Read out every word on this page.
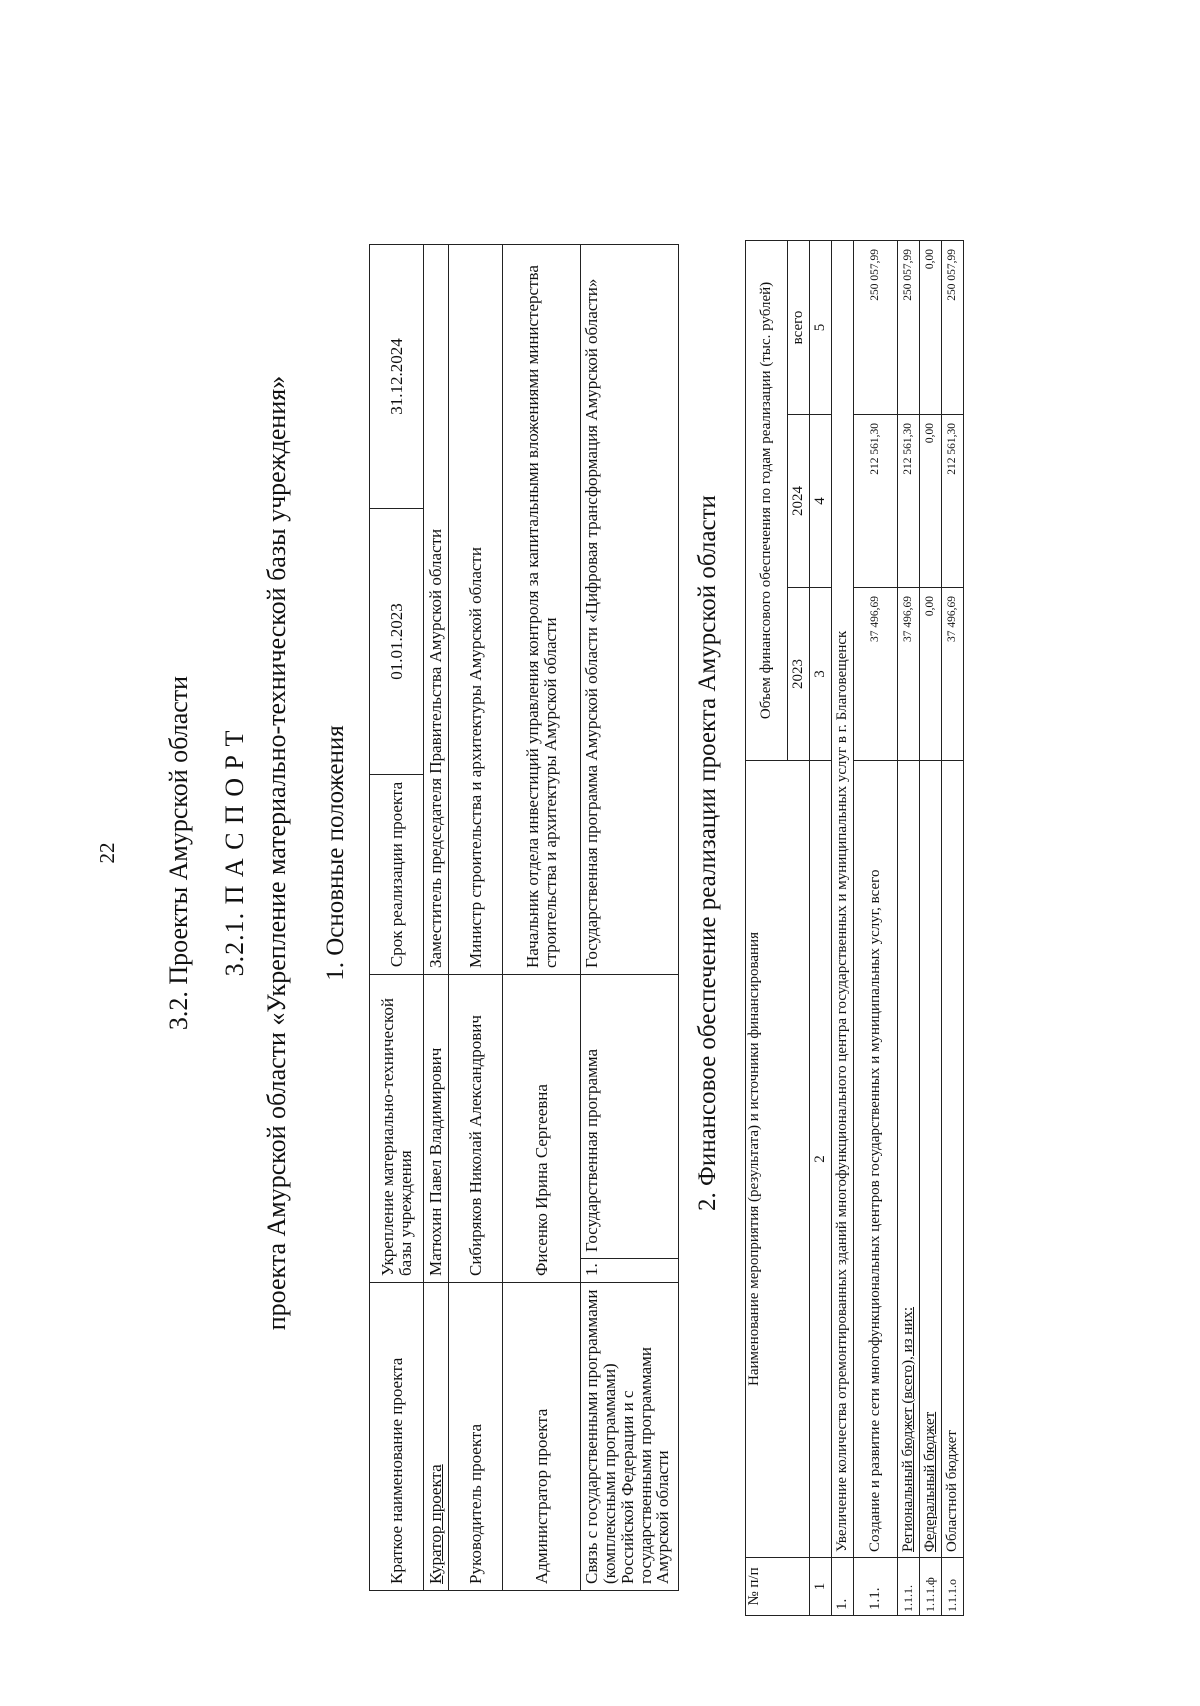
22 3.2. Проекты Амурской области 3.2.1. П А С П О Р Т проекта Амурской области «Укрепление материально-технической базы учреждения» 1. Основные положения
Краткое наименование проекта	Укрепление материально-технической базы учреждения		Срок реализации проекта	01.01.2023	31.12.2024
Куратор проекта	Матюхин Павел Владимирович		Заместитель председателя Правительства Амурской области		
Руководитель проекта	Сибиряков Николай Александрович		Министр строительства и архитектуры Амурской области		
Администратор проекта	Фисенко Ирина Сергеевна		Начальник отдела инвестиций управления контроля за капитальными вложениями министерства строительства и архитектуры Амурской области		
Связь с государственными программами (комплексными программами) Российской Федерации и с государственными программами Амурской области	1.	Государственная программа	Государственная программа Амурской области «Цифровая трансформация Амурской области»			2. Финансовое обеспечение реализации проекта Амурской области
№ п/п	Наименование мероприятия (результата) и источники финансирования	Объем финансового обеспечения по годам реализации (тыс. рублей)		
		2023	2024	всего
1	2	3	4	5
1.	Увеличение количества отремонтированных зданий многофункционального центра государственных и муниципальных услуг в г. Благовещенск			
1.1.	Создание и развитие сети многофункциональных центров государственных и муниципальных услуг, всего	37 496,69	212 561,30	250 057,99
1.1.1.	Региональный бюджет (всего), из них:	37 496,69	212 561,30	250 057,99
1.1.1.ф	Федеральный бюджет	0,00	0,00	0,00
1.1.1.о	Областной бюджет	37 496,69	212 561,30	250 057,99
